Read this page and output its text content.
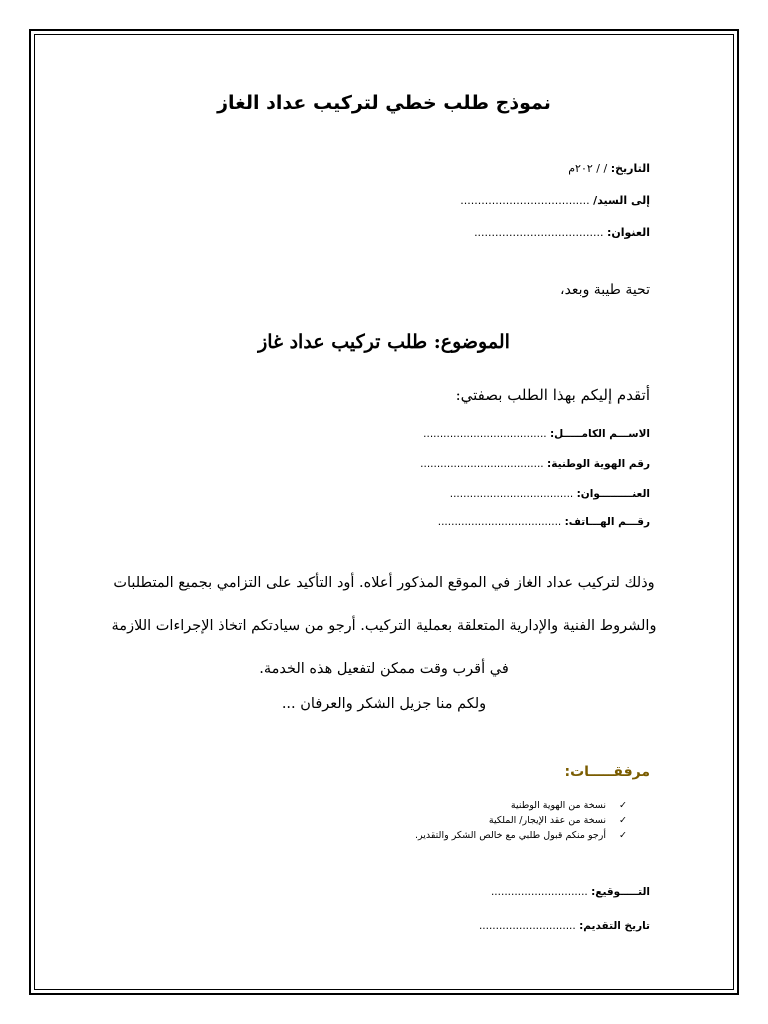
نموذج طلب خطي لتركيب عداد الغاز
التاريخ: / / ٢٠٢م
إلى السيد/ .....................................
العنوان: .....................................
تحية طيبة وبعد،
الموضوع: طلب تركيب عداد غاز
أتقدم إليكم بهذا الطلب بصفتي:
الاســـم الكامـــــل: .....................................
رقم الهوية الوطنية: .....................................
العنـــــــــوان: .....................................
رقـــم الهـــاتف: .....................................
وذلك لتركيب عداد الغاز في الموقع المذكور أعلاه. أود التأكيد على التزامي بجميع المتطلبات والشروط الفنية والإدارية المتعلقة بعملية التركيب. أرجو من سيادتكم اتخاذ الإجراءات اللازمة في أقرب وقت ممكن لتفعيل هذه الخدمة.
ولكم منا جزيل الشكر والعرفان ...
مرفقـــــات:
✓
نسخة من الهوية الوطنية
✓
نسخة من عقد الإيجار/ الملكية
✓
أرجو منكم قبول طلبي مع خالص الشكر والتقدير.
التـــــوقيع: .............................
تاريخ التقديم: .............................
